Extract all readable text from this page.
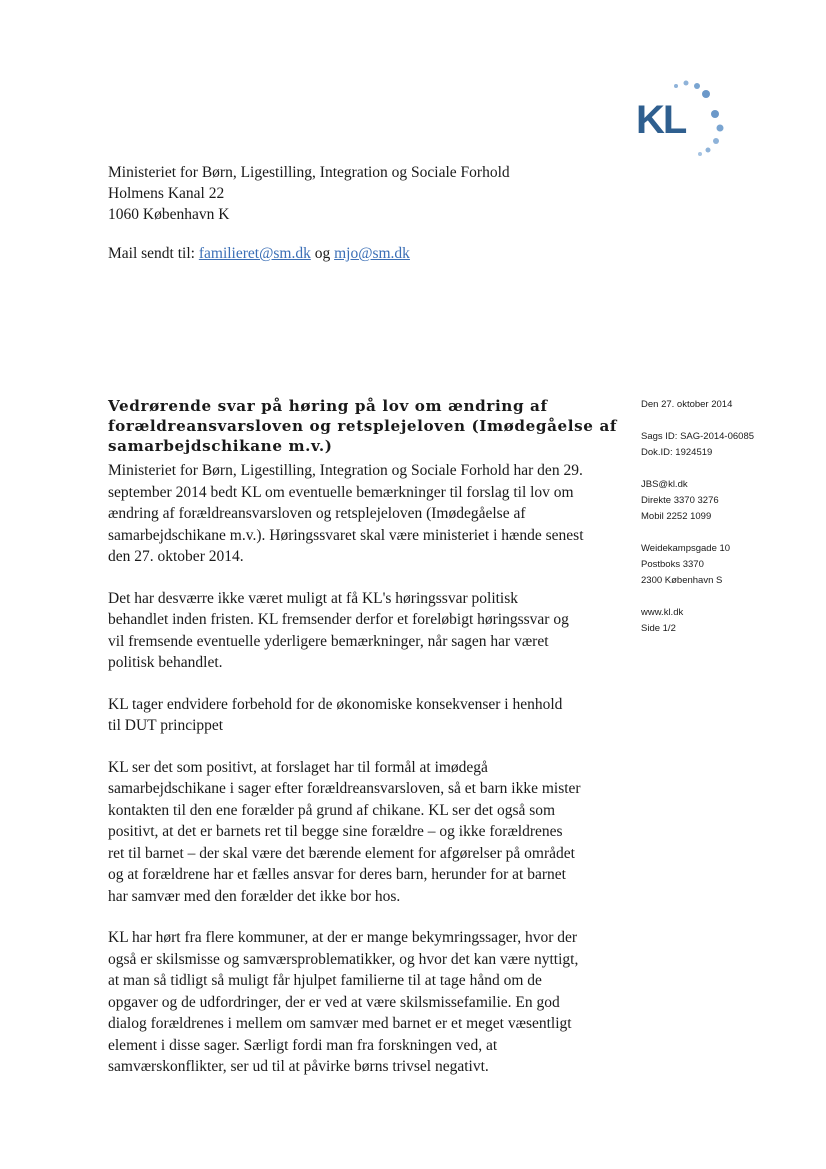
KL
Ministeriet for Børn, Ligestilling, Integration og Sociale Forhold
Holmens Kanal 22
1060 København K
Mail sendt til: familieret@sm.dk og mjo@sm.dk
Vedrørende svar på høring på lov om ændring af
forældreansvarsloven og retsplejeloven (Imødegåelse af
samarbejdschikane m.v.)
Ministeriet for Børn, Ligestilling, Integration og Sociale Forhold har den 29.
september 2014 bedt KL om eventuelle bemærkninger til forslag til lov om
ændring af forældreansvarsloven og retsplejeloven (Imødegåelse af
samarbejdschikane m.v.). Høringssvaret skal være ministeriet i hænde senest
den 27. oktober 2014.
Det har desværre ikke været muligt at få KL's høringssvar politisk
behandlet inden fristen. KL fremsender derfor et foreløbigt høringssvar og
vil fremsende eventuelle yderligere bemærkninger, når sagen har været
politisk behandlet.
KL tager endvidere forbehold for de økonomiske konsekvenser i henhold
til DUT princippet
KL ser det som positivt, at forslaget har til formål at imødegå
samarbejdschikane i sager efter forældreansvarsloven, så et barn ikke mister
kontakten til den ene forælder på grund af chikane. KL ser det også som
positivt, at det er barnets ret til begge sine forældre – og ikke forældrenes
ret til barnet – der skal være det bærende element for afgørelser på området
og at forældrene har et fælles ansvar for deres barn, herunder for at barnet
har samvær med den forælder det ikke bor hos.
KL har hørt fra flere kommuner, at der er mange bekymringssager, hvor der
også er skilsmisse og samværsproblematikker, og hvor det kan være nyttigt,
at man så tidligt så muligt får hjulpet familierne til at tage hånd om de
opgaver og de udfordringer, der er ved at være skilsmissefamilie. En god
dialog forældrenes i mellem om samvær med barnet er et meget væsentligt
element i disse sager. Særligt fordi man fra forskningen ved, at
samværskonflikter, ser ud til at påvirke børns trivsel negativt.
Den 27. oktober 2014
Sags ID: SAG-2014-06085
Dok.ID: 1924519
JBS@kl.dk
Direkte 3370 3276
Mobil 2252 1099
Weidekampsgade 10
Postboks 3370
2300 København S
www.kl.dk
Side 1/2
